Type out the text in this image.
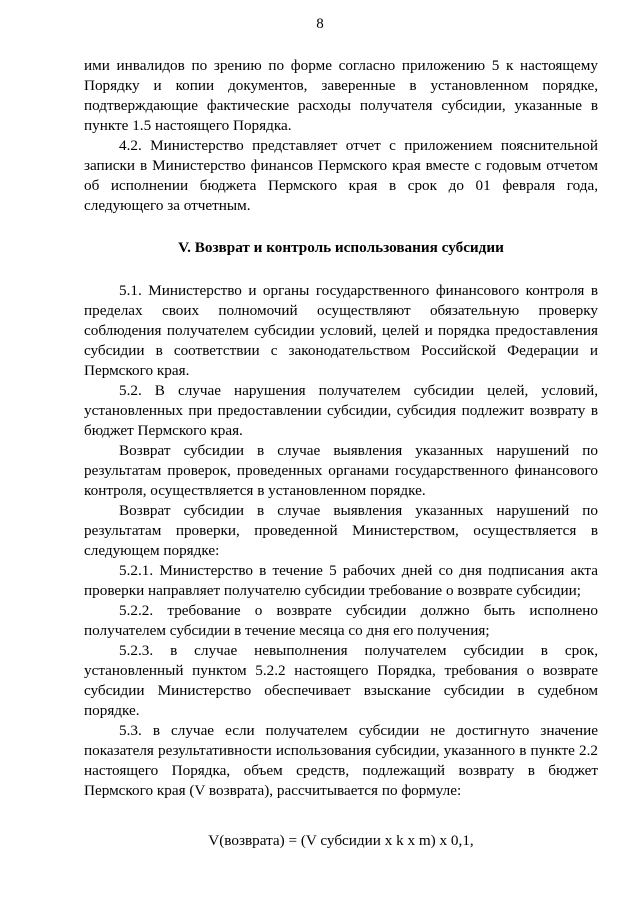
8

ими инвалидов по зрению по форме согласно приложению 5 к настоящему Порядку и копии документов, заверенные в установленном порядке, подтверждающие фактические расходы получателя субсидии, указанные в пункте 1.5 настоящего Порядка.

4.2. Министерство представляет отчет с приложением пояснительной записки в Министерство финансов Пермского края вместе с годовым отчетом об исполнении бюджета Пермского края в срок до 01 февраля года, следующего за отчетным.

V. Возврат и контроль использования субсидии

5.1. Министерство и органы государственного финансового контроля в пределах своих полномочий осуществляют обязательную проверку соблюдения получателем субсидии условий, целей и порядка предоставления субсидии в соответствии с законодательством Российской Федерации и Пермского края.

5.2. В случае нарушения получателем субсидии целей, условий, установленных при предоставлении субсидии, субсидия подлежит возврату в бюджет Пермского края.

Возврат субсидии в случае выявления указанных нарушений по результатам проверок, проведенных органами государственного финансового контроля, осуществляется в установленном порядке.

Возврат субсидии в случае выявления указанных нарушений по результатам проверки, проведенной Министерством, осуществляется в следующем порядке:

5.2.1. Министерство в течение 5 рабочих дней со дня подписания акта проверки направляет получателю субсидии требование о возврате субсидии;

5.2.2. требование о возврате субсидии должно быть исполнено получателем субсидии в течение месяца со дня его получения;

5.2.3. в случае невыполнения получателем субсидии в срок, установленный пунктом 5.2.2 настоящего Порядка, требования о возврате субсидии Министерство обеспечивает взыскание субсидии в судебном порядке.

5.3. в случае если получателем субсидии не достигнуто значение показателя результативности использования субсидии, указанного в пункте 2.2 настоящего Порядка, объем средств, подлежащий возврату в бюджет Пермского края (V возврата), рассчитывается по формуле:

V(возврата) = (V субсидии x k x m) x 0,1,
